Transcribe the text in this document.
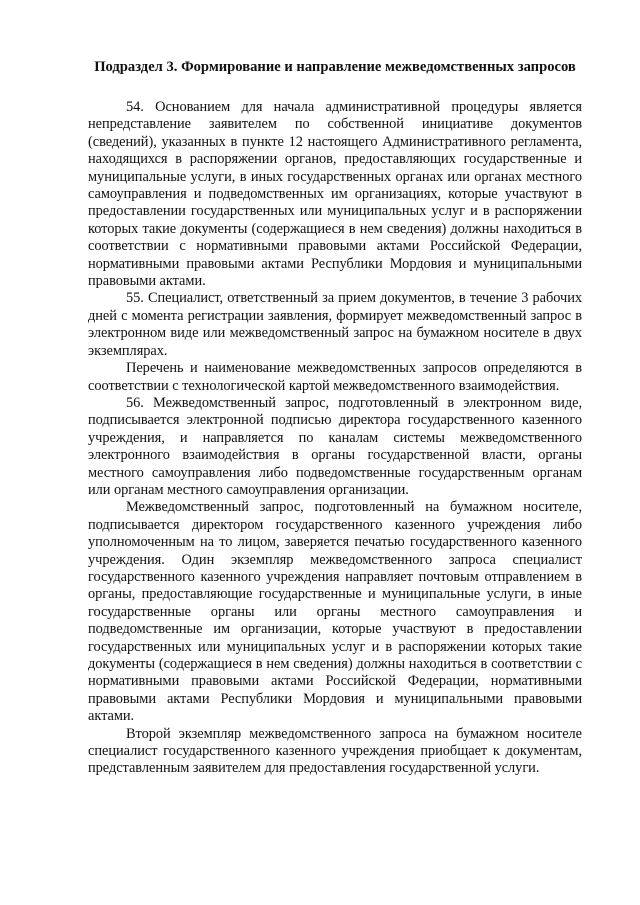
Подраздел 3. Формирование и направление межведомственных запросов

54. Основанием для начала административной процедуры является непредставление заявителем по собственной инициативе документов (сведений), указанных в пункте 12 настоящего Административного регламента, находящихся в распоряжении органов, предоставляющих государственные и муниципальные услуги, в иных государственных органах или органах местного самоуправления и подведомственных им организациях, которые участвуют в предоставлении государственных или муниципальных услуг и в распоряжении которых такие документы (содержащиеся в нем сведения) должны находиться в соответствии с нормативными правовыми актами Российской Федерации, нормативными правовыми актами Республики Мордовия и муниципальными правовыми актами.

55. Специалист, ответственный за прием документов, в течение 3 рабочих дней с момента регистрации заявления, формирует межведомственный запрос в электронном виде или межведомственный запрос на бумажном носителе в двух экземплярах.

Перечень и наименование межведомственных запросов определяются в соответствии с технологической картой межведомственного взаимодействия.

56. Межведомственный запрос, подготовленный в электронном виде, подписывается электронной подписью директора государственного казенного учреждения, и направляется по каналам системы межведомственного электронного взаимодействия в органы государственной власти, органы местного самоуправления либо подведомственные государственным органам или органам местного самоуправления организации.

Межведомственный запрос, подготовленный на бумажном носителе, подписывается директором государственного казенного учреждения либо уполномоченным на то лицом, заверяется печатью государственного казенного учреждения. Один экземпляр межведомственного запроса специалист государственного казенного учреждения направляет почтовым отправлением в органы, предоставляющие государственные и муниципальные услуги, в иные государственные органы или органы местного самоуправления и подведомственные им организации, которые участвуют в предоставлении государственных или муниципальных услуг и в распоряжении которых такие документы (содержащиеся в нем сведения) должны находиться в соответствии с нормативными правовыми актами Российской Федерации, нормативными правовыми актами Республики Мордовия и муниципальными правовыми актами.

Второй экземпляр межведомственного запроса на бумажном носителе специалист государственного казенного учреждения приобщает к документам, представленным заявителем для предоставления государственной услуги.
